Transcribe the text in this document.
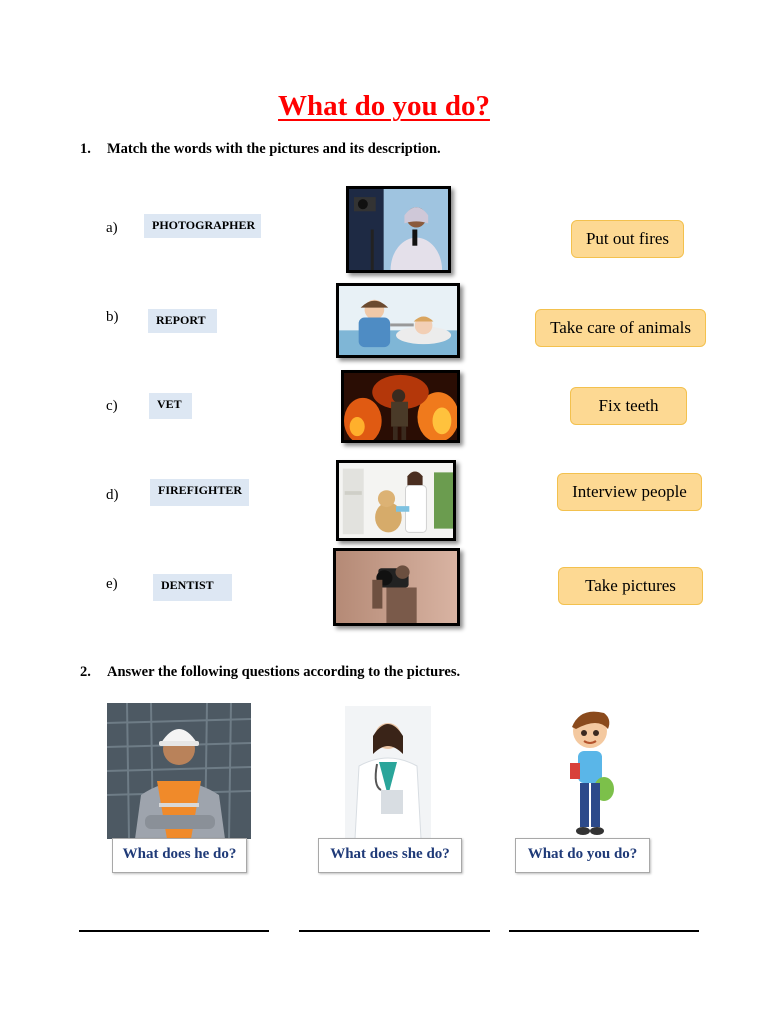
What do you do?
1. Match the words with the pictures and its description.
a)
b)
c)
d)
e)
PHOTOGRAPHER
REPORT
VET
FIREFIGHTER
DENTIST
Put out fires
Take care of animals
Fix teeth
Interview people
Take pictures
2. Answer the following questions according to the pictures.
What does he do?	What does she do?	What do you do?
